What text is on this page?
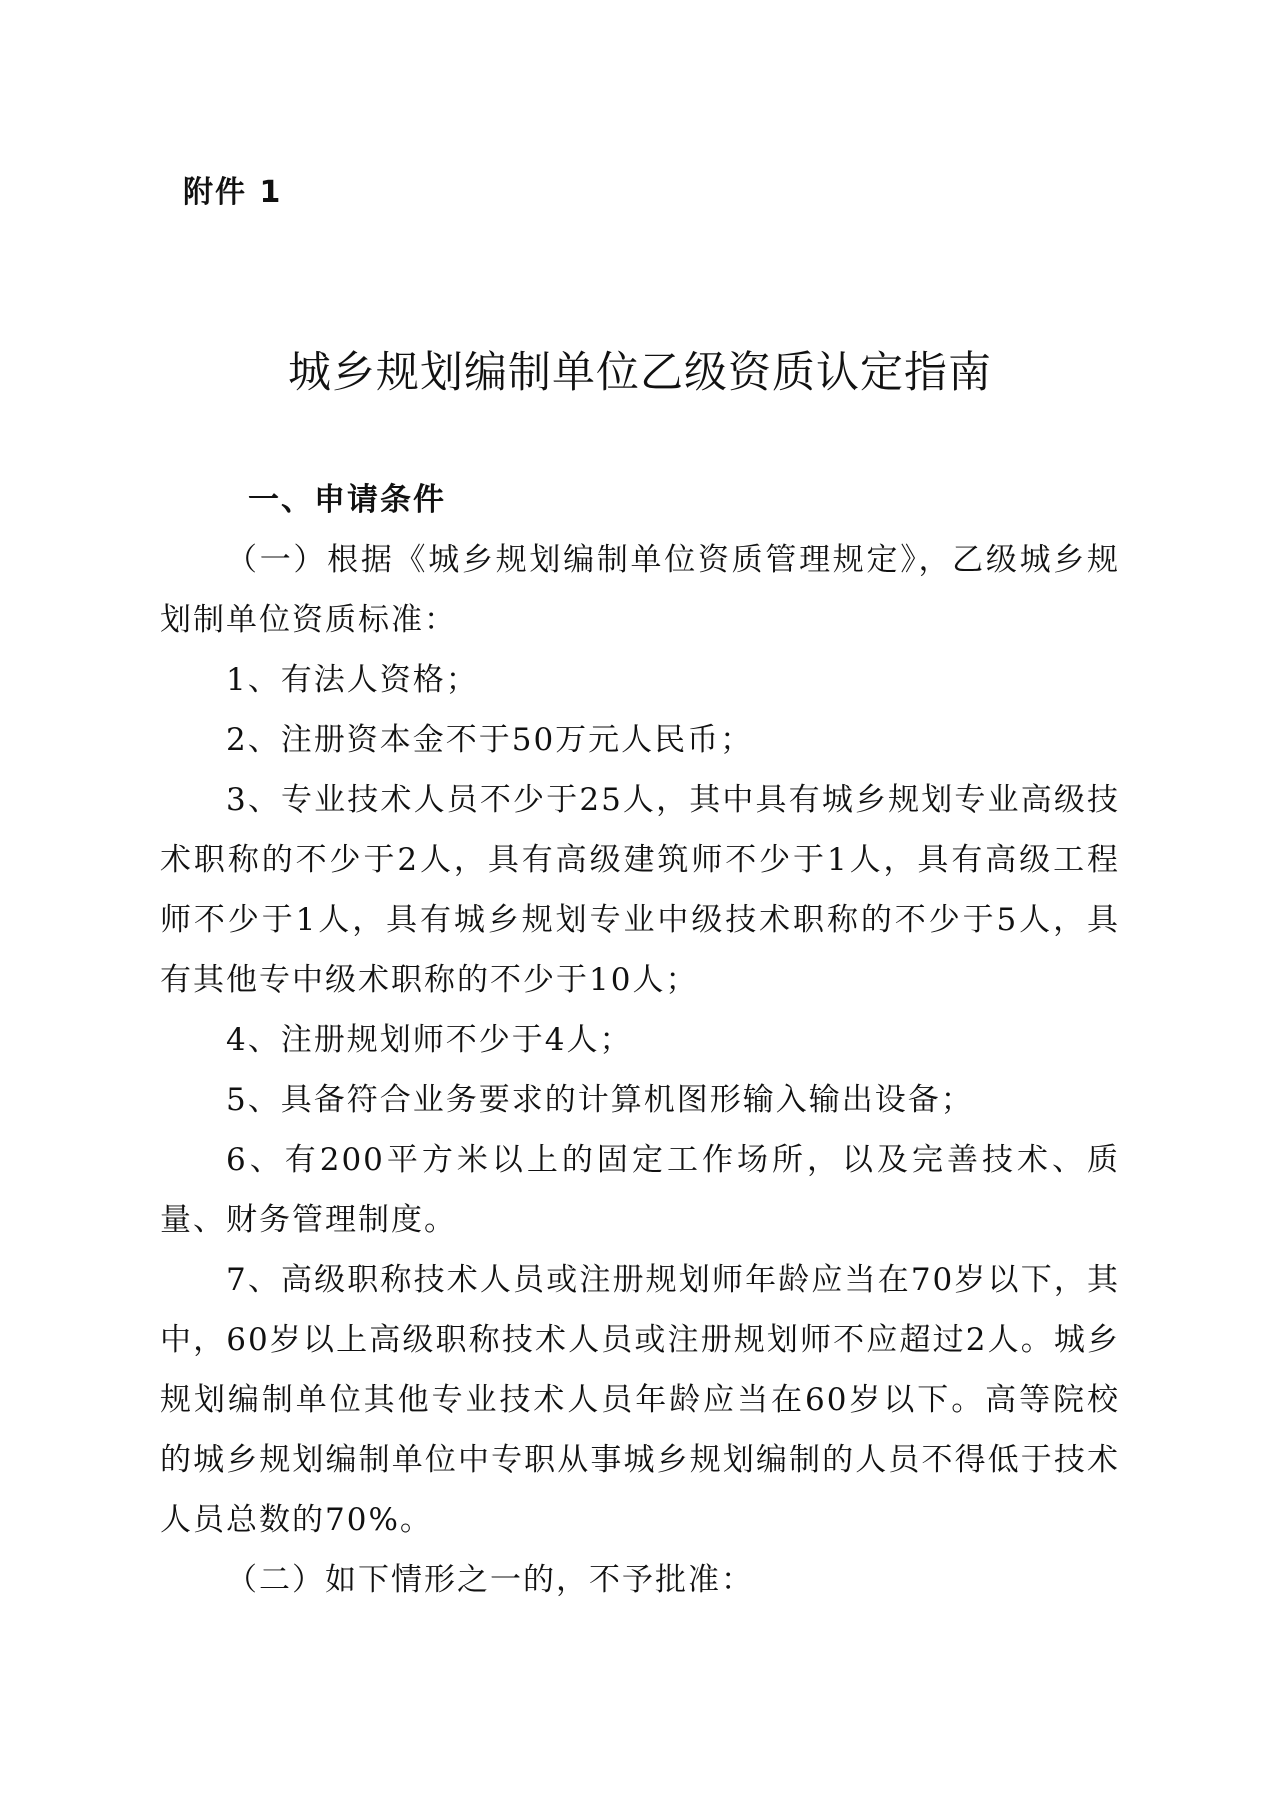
附件 1
城乡规划编制单位乙级资质认定指南

一、申请条件

（一）根据《城乡规划编制单位资质管理规定》，乙级城乡规划制单位资质标准：

1、有法人资格；

2、注册资本金不于50万元人民币；

3、专业技术人员不少于25人，其中具有城乡规划专业高级技术职称的不少于2人，具有高级建筑师不少于1人，具有高级工程师不少于1人，具有城乡规划专业中级技术职称的不少于5人，具有其他专中级术职称的不少于10人；

4、注册规划师不少于4人；

5、具备符合业务要求的计算机图形输入输出设备；

6、有200平方米以上的固定工作场所，以及完善技术、质量、财务管理制度。

7、高级职称技术人员或注册规划师年龄应当在70岁以下，其中，60岁以上高级职称技术人员或注册规划师不应超过2人。城乡规划编制单位其他专业技术人员年龄应当在60岁以下。高等院校的城乡规划编制单位中专职从事城乡规划编制的人员不得低于技术人员总数的70%。

（二）如下情形之一的，不予批准：
